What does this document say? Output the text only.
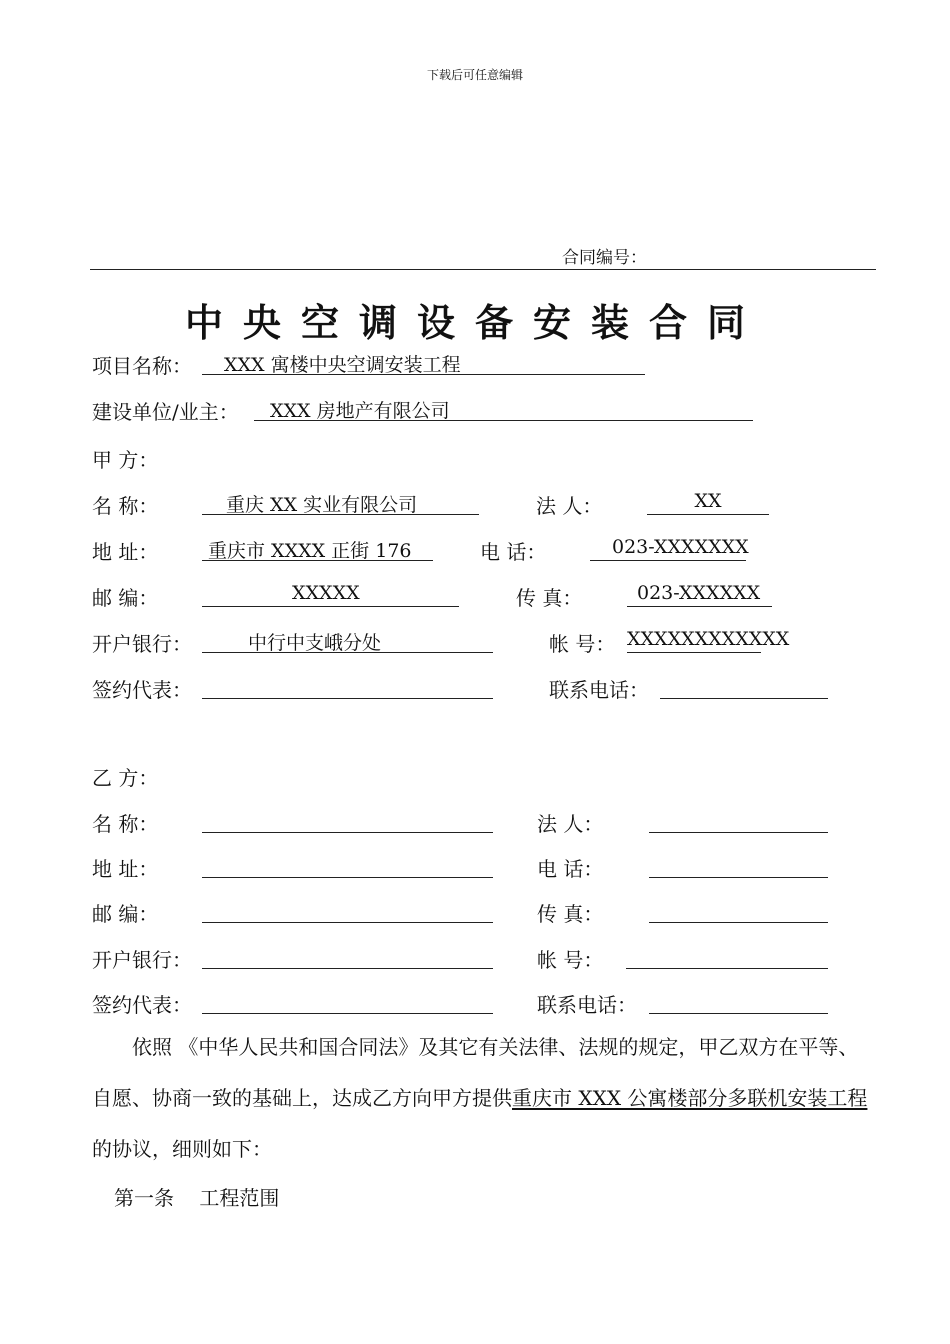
下载后可任意编辑
合同编号：
中央空调设备安装合同
项目名称：	XXX 寓楼中央空调安装工程
建设单位/业主：	XXX 房地产有限公司
甲 方：
名 称：	重庆 XX 实业有限公司	法 人：	XX
地 址：	重庆市 XXXX 正街 176	电 话：	023-XXXXXXX
邮 编：	XXXXX	传 真：	023-XXXXXX
开户银行：	中行中支峨分处	帐 号： XXXXXXXXXXXX
签约代表：	联系电话：
乙 方：
名 称：	法 人：
地 址：	电 话：
邮 编：	传 真：
开户银行：	帐 号：
签约代表：	联系电话：
依照 《中华人民共和国合同法》及其它有关法律、法规的规定，甲乙双方在平等、自愿、协商一致的基础上，达成乙方向甲方提供重庆市 XXX 公寓楼部分多联机安装工程的协议，细则如下：
第一条    工程范围
